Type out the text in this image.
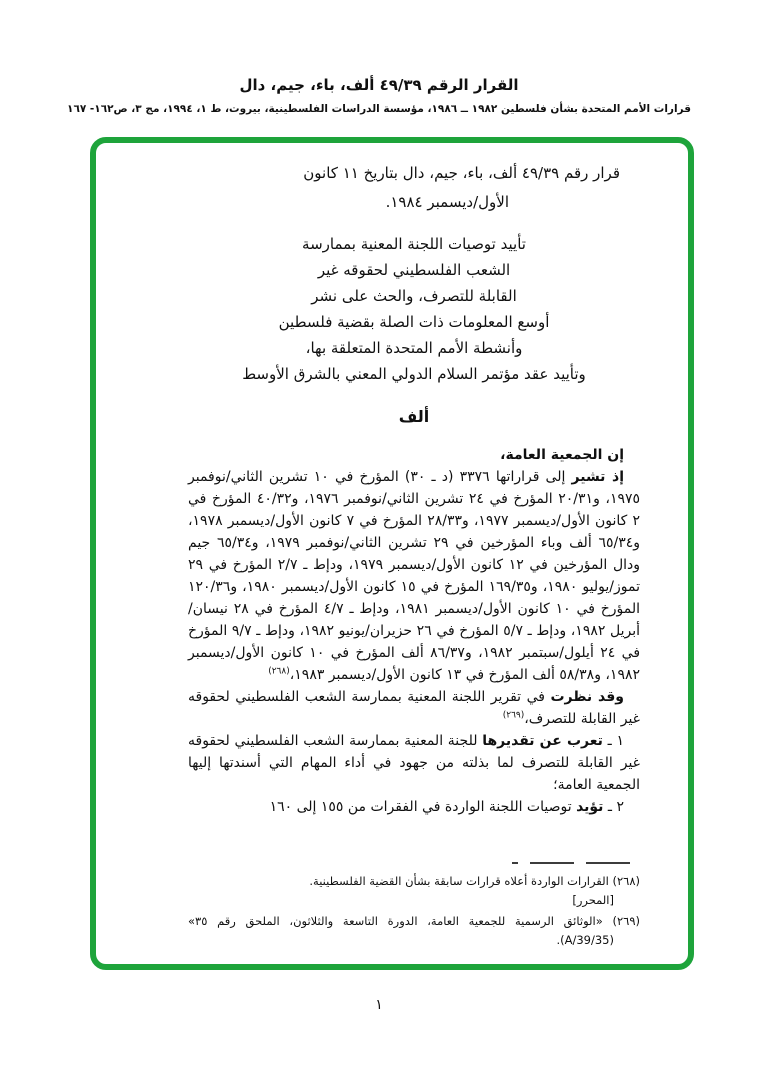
القرار الرقم ٤٩/٣٩ ألف، باء، جيم، دال
قرارات الأمم المتحدة بشأن فلسطين ١٩٨٢ ــ ١٩٨٦، مؤسسة الدراسات الفلسطينية، بيروت، ط ١، ١٩٩٤، مج ٣، ص١٦٢- ١٦٧
قرار رقم ٤٩/٣٩ ألف، باء، جيم، دال بتاريخ ١١ كانون
الأول/ديسمبر ١٩٨٤.
تأييد توصيات اللجنة المعنية بممارسة
الشعب الفلسطيني لحقوقه غير
القابلة للتصرف، والحث على نشر
أوسع المعلومات ذات الصلة بقضية فلسطين
وأنشطة الأمم المتحدة المتعلقة بها،
وتأييد عقد مؤتمر السلام الدولي المعني بالشرق الأوسط
ألف

إن الجمعية العامة،

إذ تشير إلى قراراتها ٣٣٧٦ (د ـ ٣٠) المؤرخ في ١٠ تشرين الثاني/نوفمبر ١٩٧٥، و٢٠/٣١ المؤرخ في ٢٤ تشرين الثاني/نوفمبر ١٩٧٦، و٤٠/٣٢ المؤرخ في ٢ كانون الأول/ديسمبر ١٩٧٧، و٢٨/٣٣ المؤرخ في ٧ كانون الأول/ديسمبر ١٩٧٨، و٦٥/٣٤ ألف وباء المؤرخين في ٢٩ تشرين الثاني/نوفمبر ١٩٧٩، و٦٥/٣٤ جيم ودال المؤرخين في ١٢ كانون الأول/ديسمبر ١٩٧٩، ودإط ـ ٢/٧ المؤرخ في ٢٩ تموز/يوليو ١٩٨٠، و١٦٩/٣٥ المؤرخ في ١٥ كانون الأول/ديسمبر ١٩٨٠، و١٢٠/٣٦ المؤرخ في ١٠ كانون الأول/ديسمبر ١٩٨١، ودإط ـ ٤/٧ المؤرخ في ٢٨ نيسان/أبريل ١٩٨٢، ودإط ـ ٥/٧ المؤرخ في ٢٦ حزيران/يونيو ١٩٨٢، ودإط ـ ٩/٧ المؤرخ في ٢٤ أيلول/سبتمبر ١٩٨٢، و٨٦/٣٧ ألف المؤرخ في ١٠ كانون الأول/ديسمبر ١٩٨٢، و٥٨/٣٨ ألف المؤرخ في ١٣ كانون الأول/ديسمبر ١٩٨٣،$^{(٢٦٨)}$

وقد نظرت في تقرير اللجنة المعنية بممارسة الشعب الفلسطيني لحقوقه غير القابلة للتصرف،$^{(٢٦٩)}$

١ ـ تعرب عن تقديرها للجنة المعنية بممارسة الشعب الفلسطيني لحقوقه غير القابلة للتصرف لما بذلته من جهود في أداء المهام التي أسندتها إليها الجمعية العامة؛

٢ ـ تؤيد توصيات اللجنة الواردة في الفقرات من ١٥٥ إلى ١٦٠

(٢٦٨) القرارات الواردة أعلاه قرارات سابقة بشأن القضية الفلسطينية.
[المحرر]

(٢٦٩) «الوثائق الرسمية للجمعية العامة، الدورة التاسعة والثلاثون، الملحق رقم ٣٥» (A/39/35).

١
